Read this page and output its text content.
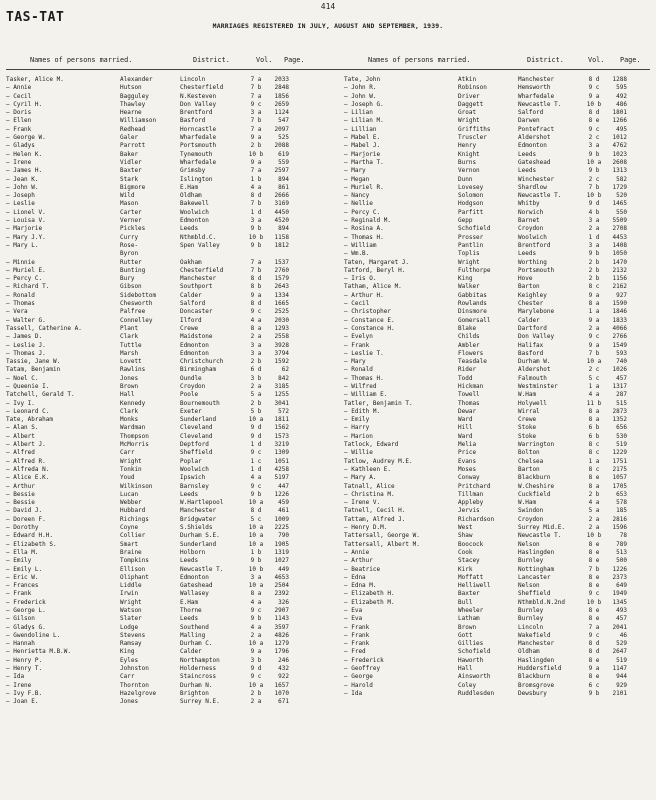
414
TAS-TAT
MARRIAGES REGISTERED IN JULY, AUGUST AND SEPTEMBER, 1939.
Names of persons married.	District.	Vol. Page.	Names of persons married.	District.	Vol. Page.
Tasker, Alice M.	Alexander	Lincoln	7 a	2033
— Annie	Hutson	Chesterfield	7 b	2848
— Cecil	Bagguley	N.Kesteven	7 a	1856
— Cyril H.	Thawley	Don Valley	9 c	2659
— Doris	Hearne	Brentford	3 a	1124
— Ellen	Williamson	Basford	7 b	547
— Frank	Redhead	Horncastle	7 a	2097
— George W.	Galer	Wharfedale	9 a	525
— Gladys	Parrott	Portsmouth	2 b	2088
— Helen K.	Baker	Tynemouth	10 b	619
— Irene	Vidler	Wharfedale	9 a	559
— James H.	Baxter	Grimsby	7 a	2597
— Jean K.	Stark	Islington	1 b	894
— John W.	Bigmore	E.Ham	4 a	861
— Joseph	Wild	Oldham	8 d	2666
— Leslie	Mason	Bakewell	7 b	3169
— Lionel V.	Carter	Woolwich	1 d	4450
— Louisa V.	Verner	Edmonton	3 a	4520
— Marjorie	Pickles	Leeds	9 b	894
— Mary J.Y.	Curry	Nthmbld.C.	10 b	1158
— Mary L.	Rose-	Spen Valley	9 b	1812
Byron
— Minnie	Rutter	Oakham	7 a	1537
— Muriel E.	Bunting	Chesterfield	7 b	2760
— Percy C.	Bury	Manchester	8 d	1579
— Richard T.	Gibson	Southport	8 b	2643
— Ronald	Sidebottom	Calder	9 a	1334
— Thomas	Chesworth	Salford	8 d	1665
— Vera	Palfree	Doncaster	9 c	2525
— Walter G.	Connelley	Ilford	4 a	2030
Tassell, Catherine A.	Plant	Crewe	8 a	1293
— James D.	Clark	Maidstone	2 a	2558
— Leslie J.	Tuttle	Edmonton	3 a	3928
— Thomas J.	Marsh	Edmonton	3 a	3794
Tassie, Jane W.	Lovett	Christchurch	2 b	1592
Tatam, Benjamin	Rawlins	Birmingham	6 d	62
— Noel C.	Jones	Oundle	3 b	842
— Queenie I.	Brown	Croydon	2 a	3185
Tatchell, Gerald T.	Hall	Poole	5 a	1255
— Ivy I.	Kennedy	Bournemouth	2 b	3041
— Leonard C.	Clark	Exeter	5 b	572
Tate, Abraham	Monks	Sunderland	10 a	1811
— Alan S.	Wardman	Cleveland	9 d	1562
— Albert	Thompson	Cleveland	9 d	1573
— Albert J.	McMorris	Deptford	1 d	3219
— Alfred	Carr	Sheffield	9 c	1309
— Alfred R.	Wright	Poplar	1 c	1051
— Alfreda N.	Tonkin	Woolwich	1 d	4258
— Alice E.K.	Youd	Ipswich	4 a	5197
— Arthur	Wilkinson	Barnsley	9 c	447
— Bessie	Lucan	Leeds	9 b	1226
— Bessie	Webber	W.Hartlepool	10 a	459
— David J.	Hubbard	Manchester	8 d	461
— Doreen F.	Richings	Bridgwater	5 c	1009
— Dorothy	Coyne	S.Shields	10 a	2225
— Edward H.H.	Collier	Durham S.E.	10 a	790
— Elizabeth S.	Smart	Sunderland	10 a	1905
— Ella M.	Braine	Holborn	1 b	1319
— Emily	Tompkins	Leeds	9 b	1027
— Emily L.	Ellison	Newcastle T.	10 b	449
— Eric W.	Oliphant	Edmonton	3 a	4653
— Frances	Liddle	Gateshead	10 a	2504
— Frank	Irwin	Wallasey	8 a	2392
— Frederick	Wright	E.Ham	4 a	326
— George L.	Watson	Thorne	9 c	2907
— Gilson	Slater	Leeds	9 b	1143
— Gladys G.	Lodge	Southend	4 a	3597
— Gwendoline L.	Stevens	Malling	2 a	4826
— Hannah	Ramsay	Durham C.	10 a	1279
— Henrietta M.B.W.	King	Calder	9 a	1796
— Henry P.	Eyles	Northampton	3 b	246
— Henry T.	Johnston	Holderness	9 d	432
— Ida	Carr	Staincross	9 c	922
— Irene	Thornton	Durham N.	10 a	1657
— Ivy F.B.	Hazelgrove	Brighton	2 b	1070
— Joan E.	Jones	Surrey N.E.	2 a	671
Tate, John	Atkin	Manchester	8 d	1288
— John R.	Robinson	Hemsworth	9 c	595
— John W.	Driver	Wharfedale	9 a	492
— Joseph G.	Daggett	Newcastle T.	10 b	486
— Lilian	Groat	Salford	8 d	1801
— Lilian M.	Wright	Darwen	8 e	1266
— Lillian	Griffiths	Pontefract	9 c	495
— Mabel E.	Truscler	Aldershot	2 c	1012
— Mabel J.	Henry	Edmonton	3 a	4762
— Marjorie	Knight	Leeds	9 b	1023
— Martha T.	Burns	Gateshead	10 a	2608
— Mary	Vernon	Leeds	9 b	1313
— Megan	Dunn	Winchester	2 c	582
— Muriel R.	Lovesey	Shardlow	7 b	1729
— Nancy	Solomon	Newcastle T.	10 b	520
— Nellie	Hodgson	Whitby	9 d	1465
— Percy C.	Parfitt	Norwich	4 b	550
— Reginald M.	Gepp	Barnet	3 a	5509
— Rosina A.	Schofield	Croydon	2 a	2708
— Thomas H.	Prosser	Woolwich	1 d	4453
— William	Pantlin	Brentford	3 a	1408
— Wm.B.	Toplis	Leeds	9 b	1050
Taten, Margaret J.	Wright	Worthing	2 b	1470
Tatford, Beryl H.	Fulthorpe	Portsmouth	2 b	2132
— Iris O.	King	Hove	2 b	1156
Tatham, Alice M.	Walker	Barton	8 c	2162
— Arthur H.	Gabbitas	Keighley	9 a	927
— Cecil	Rowlands	Chester	8 a	1590
— Christopher	Dinsmore	Marylebone	1 a	1846
— Constance E.	Gomersall	Calder	9 a	1833
— Constance H.	Blake	Dartford	2 a	4066
— Evelyn	Childs	Don Valley	9 c	2766
— Frank	Ambler	Halifax	9 a	1549
— Leslie T.	Flowers	Basford	7 b	593
— Mary	Teasdale	Durham W.	10 a	740
— Ronald	Rider	Aldershot	2 c	1026
— Thomas H.	Todd	Falmouth	5 c	457
— Wilfred	Hickman	Westminster	1 a	1317
— William E.	Towell	W.Ham	4 a	287
Tatler, Benjamin T.	Thomas	Holywell	11 b	515
— Edith M.	Dewar	Wirral	8 a	2873
— Emily	Ward	Crewe	8 a	1352
— Harry	Hill	Stoke	6 b	656
— Marion	Ward	Stoke	6 b	530
Tatlock, Edward	Melia	Warrington	8 c	519
— Willie	Price	Bolton	8 c	1229
Tatlow, Audrey M.E.	Evans	Chelsea	1 a	1751
— Kathleen E.	Moses	Barton	8 c	2175
— Mary A.	Conway	Blackburn	8 e	1057
Tatnall, Alice	Pritchard	W.Cheshire	8 a	1705
— Christina M.	Tillman	Cuckfield	2 b	653
— Irene V.	Appleby	W.Ham	4 a	578
Tatnell, Cecil H.	Jervis	Swindon	5 a	185
Tattam, Alfred J.	Richardson	Croydon	2 a	2816
— Henry D.M.	West	Surrey Mid.E.	2 a	1596
Tattersall, George W.	Shaw	Newcastle T.	10 b	78
Tattersall, Albert M.	Boocock	Nelson	8 e	789
— Annie	Cook	Haslingden	8 e	513
— Arthur	Stacey	Burnley	8 e	500
— Beatrice	Kirk	Nottingham	7 b	1226
— Edna	Moffatt	Lancaster	8 e	2373
— Edna M.	Helliwell	Nelson	8 e	649
— Elizabeth H.	Baxter	Sheffield	9 c	1949
— Elizabeth M.	Bull	Nthmbld.N.2nd	10 b	1345
— Eva	Wheeler	Burnley	8 e	493
— Eva	Latham	Burnley	8 e	457
— Frank	Brown	Lincoln	7 a	2041
— Frank	Gott	Wakefield	9 c	46
— Frank	Gillies	Manchester	8 d	529
— Fred	Schofield	Oldham	8 d	2647
— Frederick	Haworth	Haslingden	8 e	519
— Geoffrey	Hall	Huddersfield	9 a	1147
— George	Ainsworth	Blackburn	8 e	944
— Harold	Coley	Bromsgrove	6 c	929
— Ida	Ruddlesden	Dewsbury	9 b	2101
